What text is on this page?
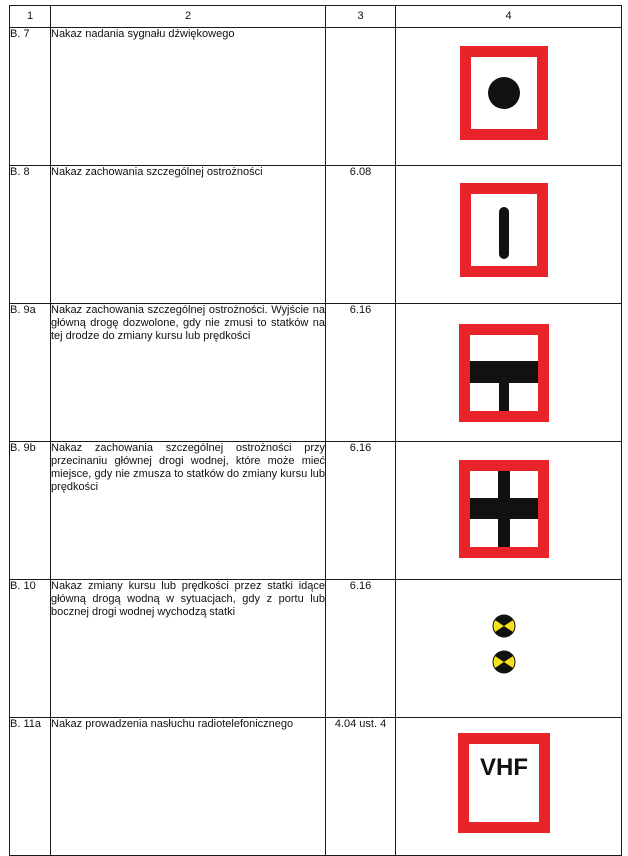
1	2	3	4
B. 7	Nakaz nadania sygnału dźwiękowego		

B. 8	Nakaz zachowania szczególnej ostrożności	6.08	

B. 9a	Nakaz zachowania szczególnej ostrożności. Wyjście na główną drogę dozwolone, gdy nie zmusi to statków na tej drodze do zmiany kursu lub prędkości	6.16	

B. 9b	Nakaz zachowania szczególnej ostrożności przy przecinaniu głównej drogi wodnej, które może mieć miejsce, gdy nie zmusza to statków do zmiany kursu lub prędkości	6.16	

B. 10	Nakaz zmiany kursu lub prędkości przez statki idące główną drogą wodną w sytuacjach, gdy z portu lub bocznej drogi wodnej wychodzą statki	6.16	

B. 11a	Nakaz prowadzenia nasłuchu radiotelefonicznego	4.04 ust. 4	VHF
